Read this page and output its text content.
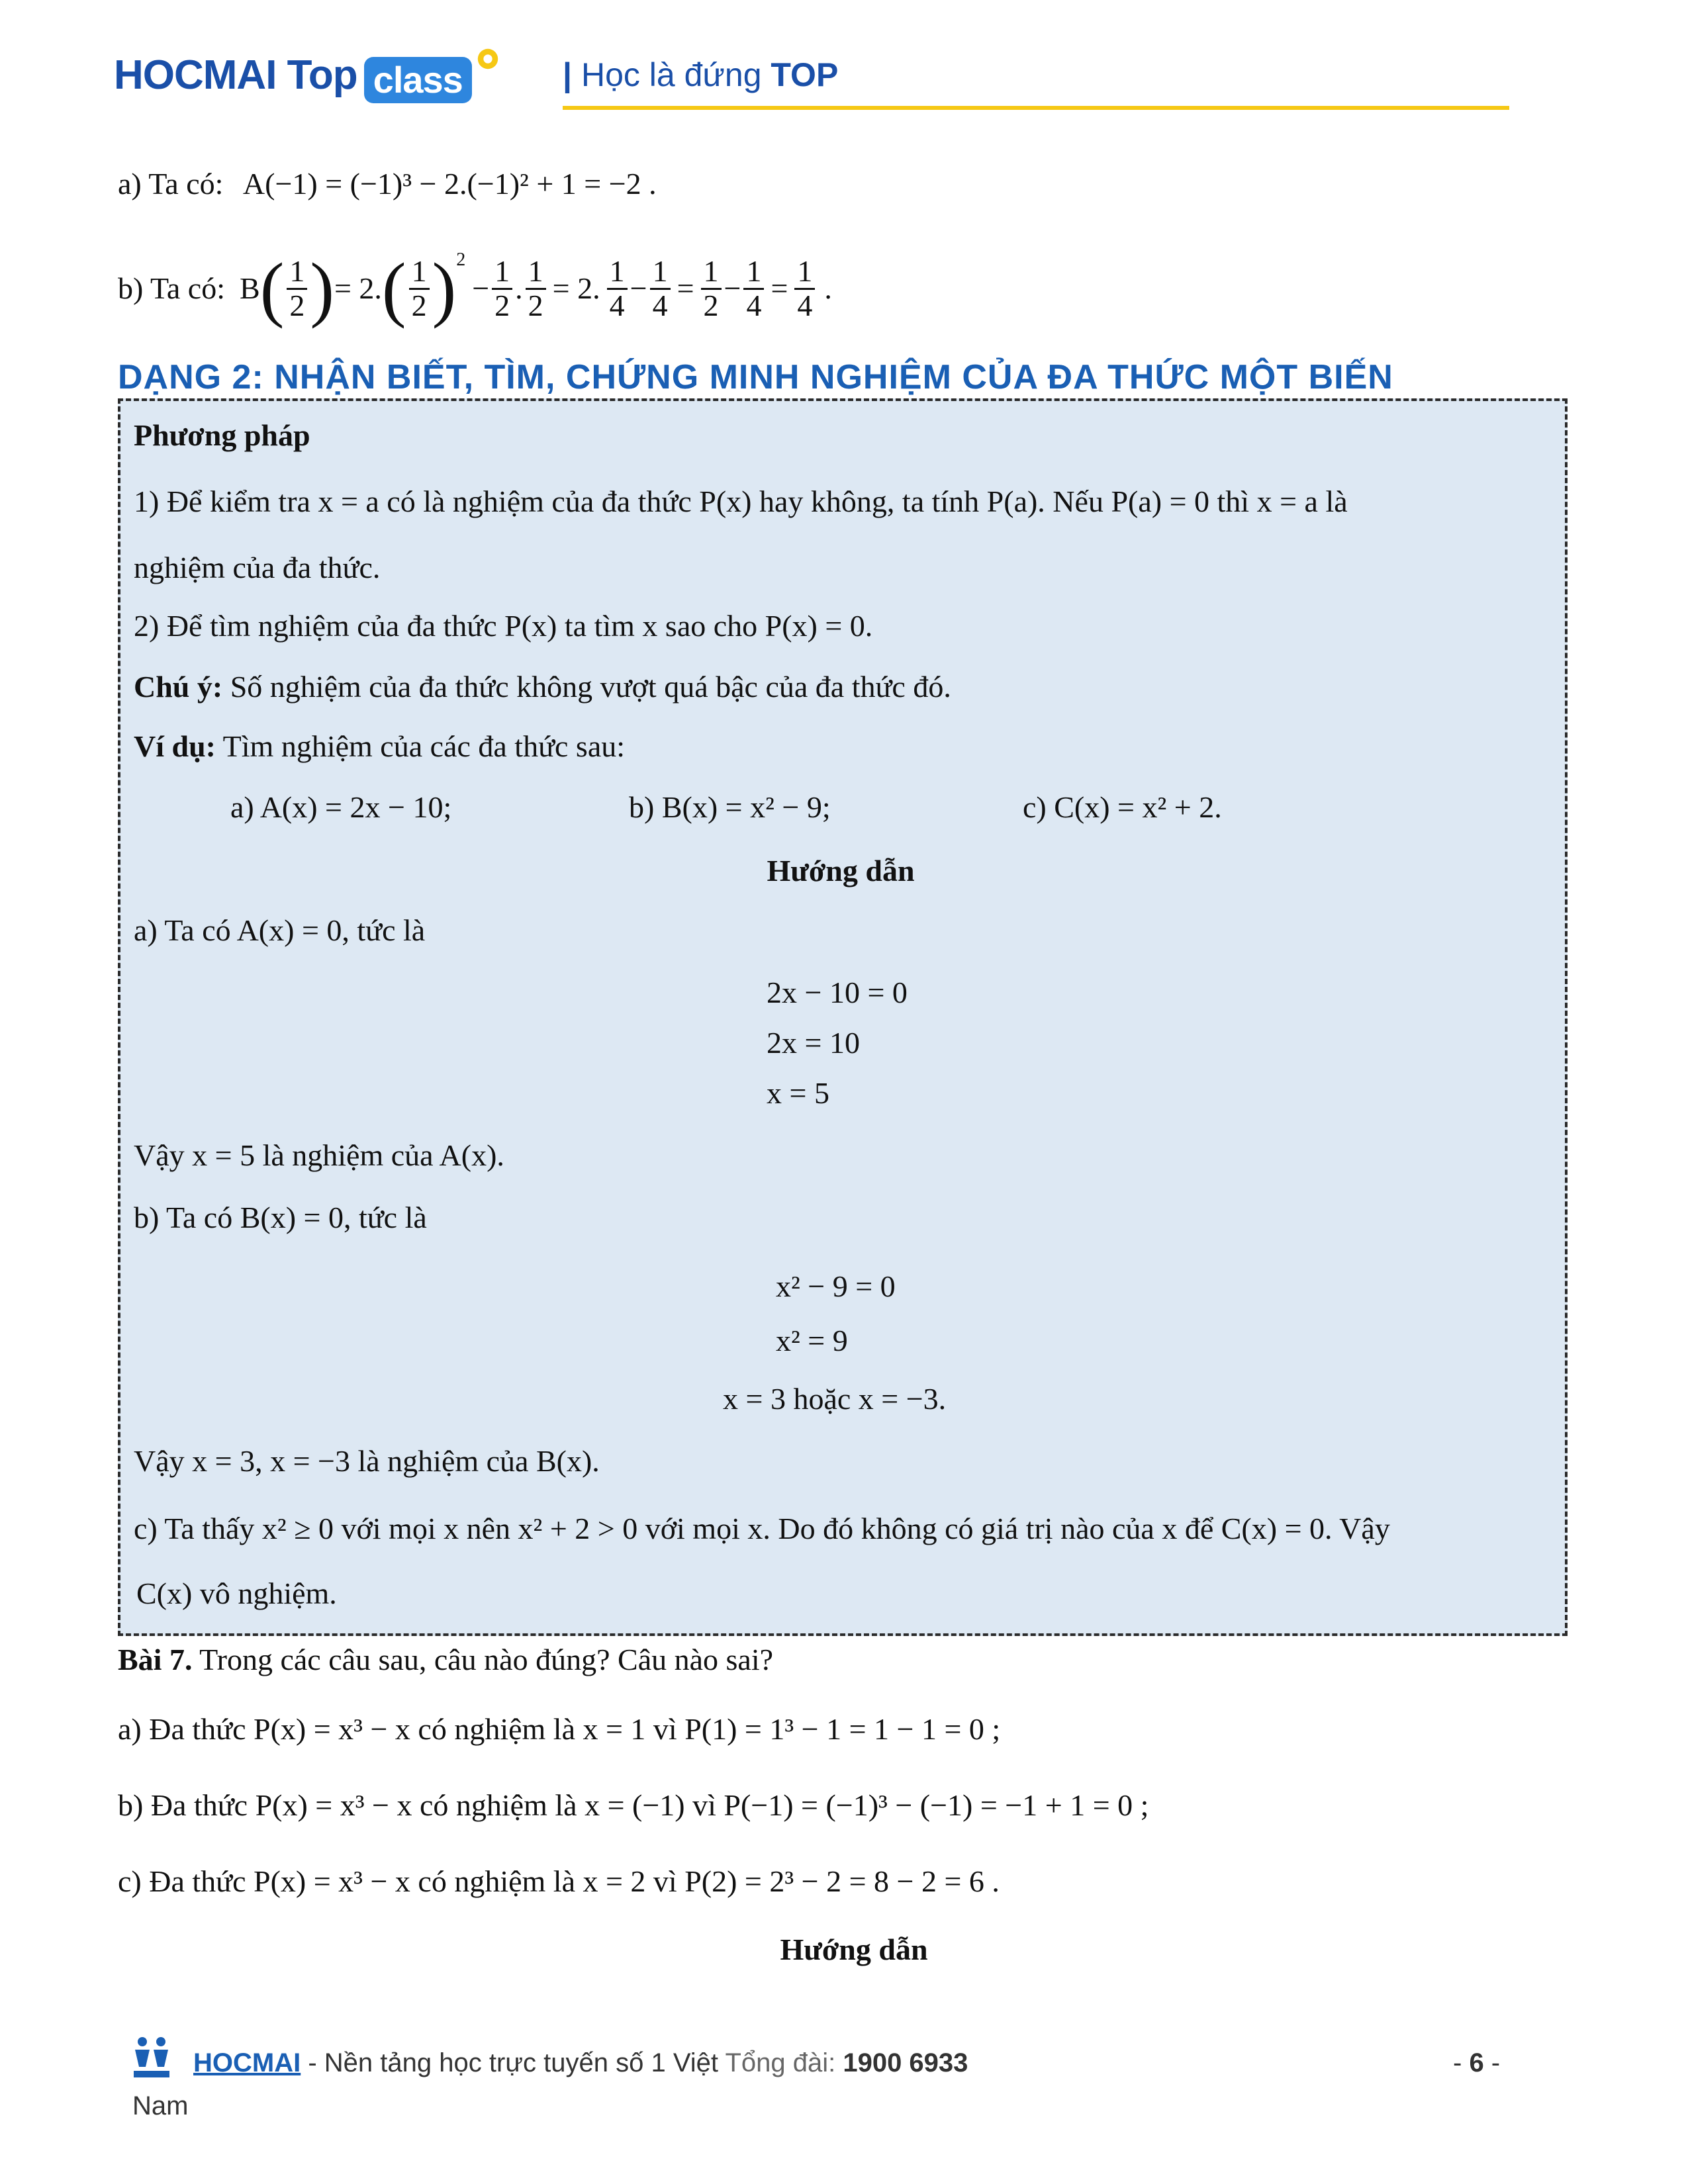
HOCMAI Top class	| Học là đứng TOP
a) Ta có: A(−1) = (−1)³ − 2.(−1)² + 1 = −2 .
b) Ta có: B ( $\frac{1}{2}$ ) = 2. ( $\frac{1}{2} )^2$
− $\frac{1}{2}$ . $\frac{1}{2} = 2$. $\frac{1}{4} - \frac{1}{4} = \frac{1}{2} - \frac{1}{4} = \frac{1}{4}$ .
DẠNG 2: NHẬN BIẾT, TÌM, CHỨNG MINH NGHIỆM CỦA ĐA THỨC MỘT BIẾN
Phương pháp
1) Để kiểm tra x = a có là nghiệm của đa thức P(x) hay không, ta tính P(a). Nếu P(a) = 0 thì x = a là
nghiệm của đa thức.
2) Để tìm nghiệm của đa thức P(x) ta tìm x sao cho P(x) = 0.
Chú ý: Số nghiệm của đa thức không vượt quá bậc của đa thức đó.
Ví dụ: Tìm nghiệm của các đa thức sau:
a) A(x) = 2x − 10;	b) B(x) = x² − 9;	c) C(x) = x² + 2.
Hướng dẫn
a) Ta có A(x) = 0, tức là
2x − 10 = 0
2x = 10
x = 5
Vậy x = 5 là nghiệm của A(x).
b) Ta có B(x) = 0, tức là
x² − 9 = 0
x² = 9
x = 3 hoặc x = −3.
Vậy x = 3, x = −3 là nghiệm của B(x).
c) Ta thấy x² ≥ 0 với mọi x nên x² + 2 > 0 với mọi x. Do đó không có giá trị nào của x để C(x) = 0. Vậy
C(x) vô nghiệm.
Bài 7. Trong các câu sau, câu nào đúng? Câu nào sai?
a) Đa thức P(x) = x³ − x có nghiệm là x = 1 vì P(1) = 1³ − 1 = 1 − 1 = 0 ;
b) Đa thức P(x) = x³ − x có nghiệm là x = (−1) vì P(−1) = (−1)³ − (−1) = −1 + 1 = 0 ;
c) Đa thức P(x) = x³ − x có nghiệm là x = 2 vì P(2) = 2³ − 2 = 8 − 2 = 6 .
Hướng dẫn
HOCMAI - Nền tảng học trực tuyến số 1 Việt Tổng đài: 1900 6933	- 6 -
Nam
